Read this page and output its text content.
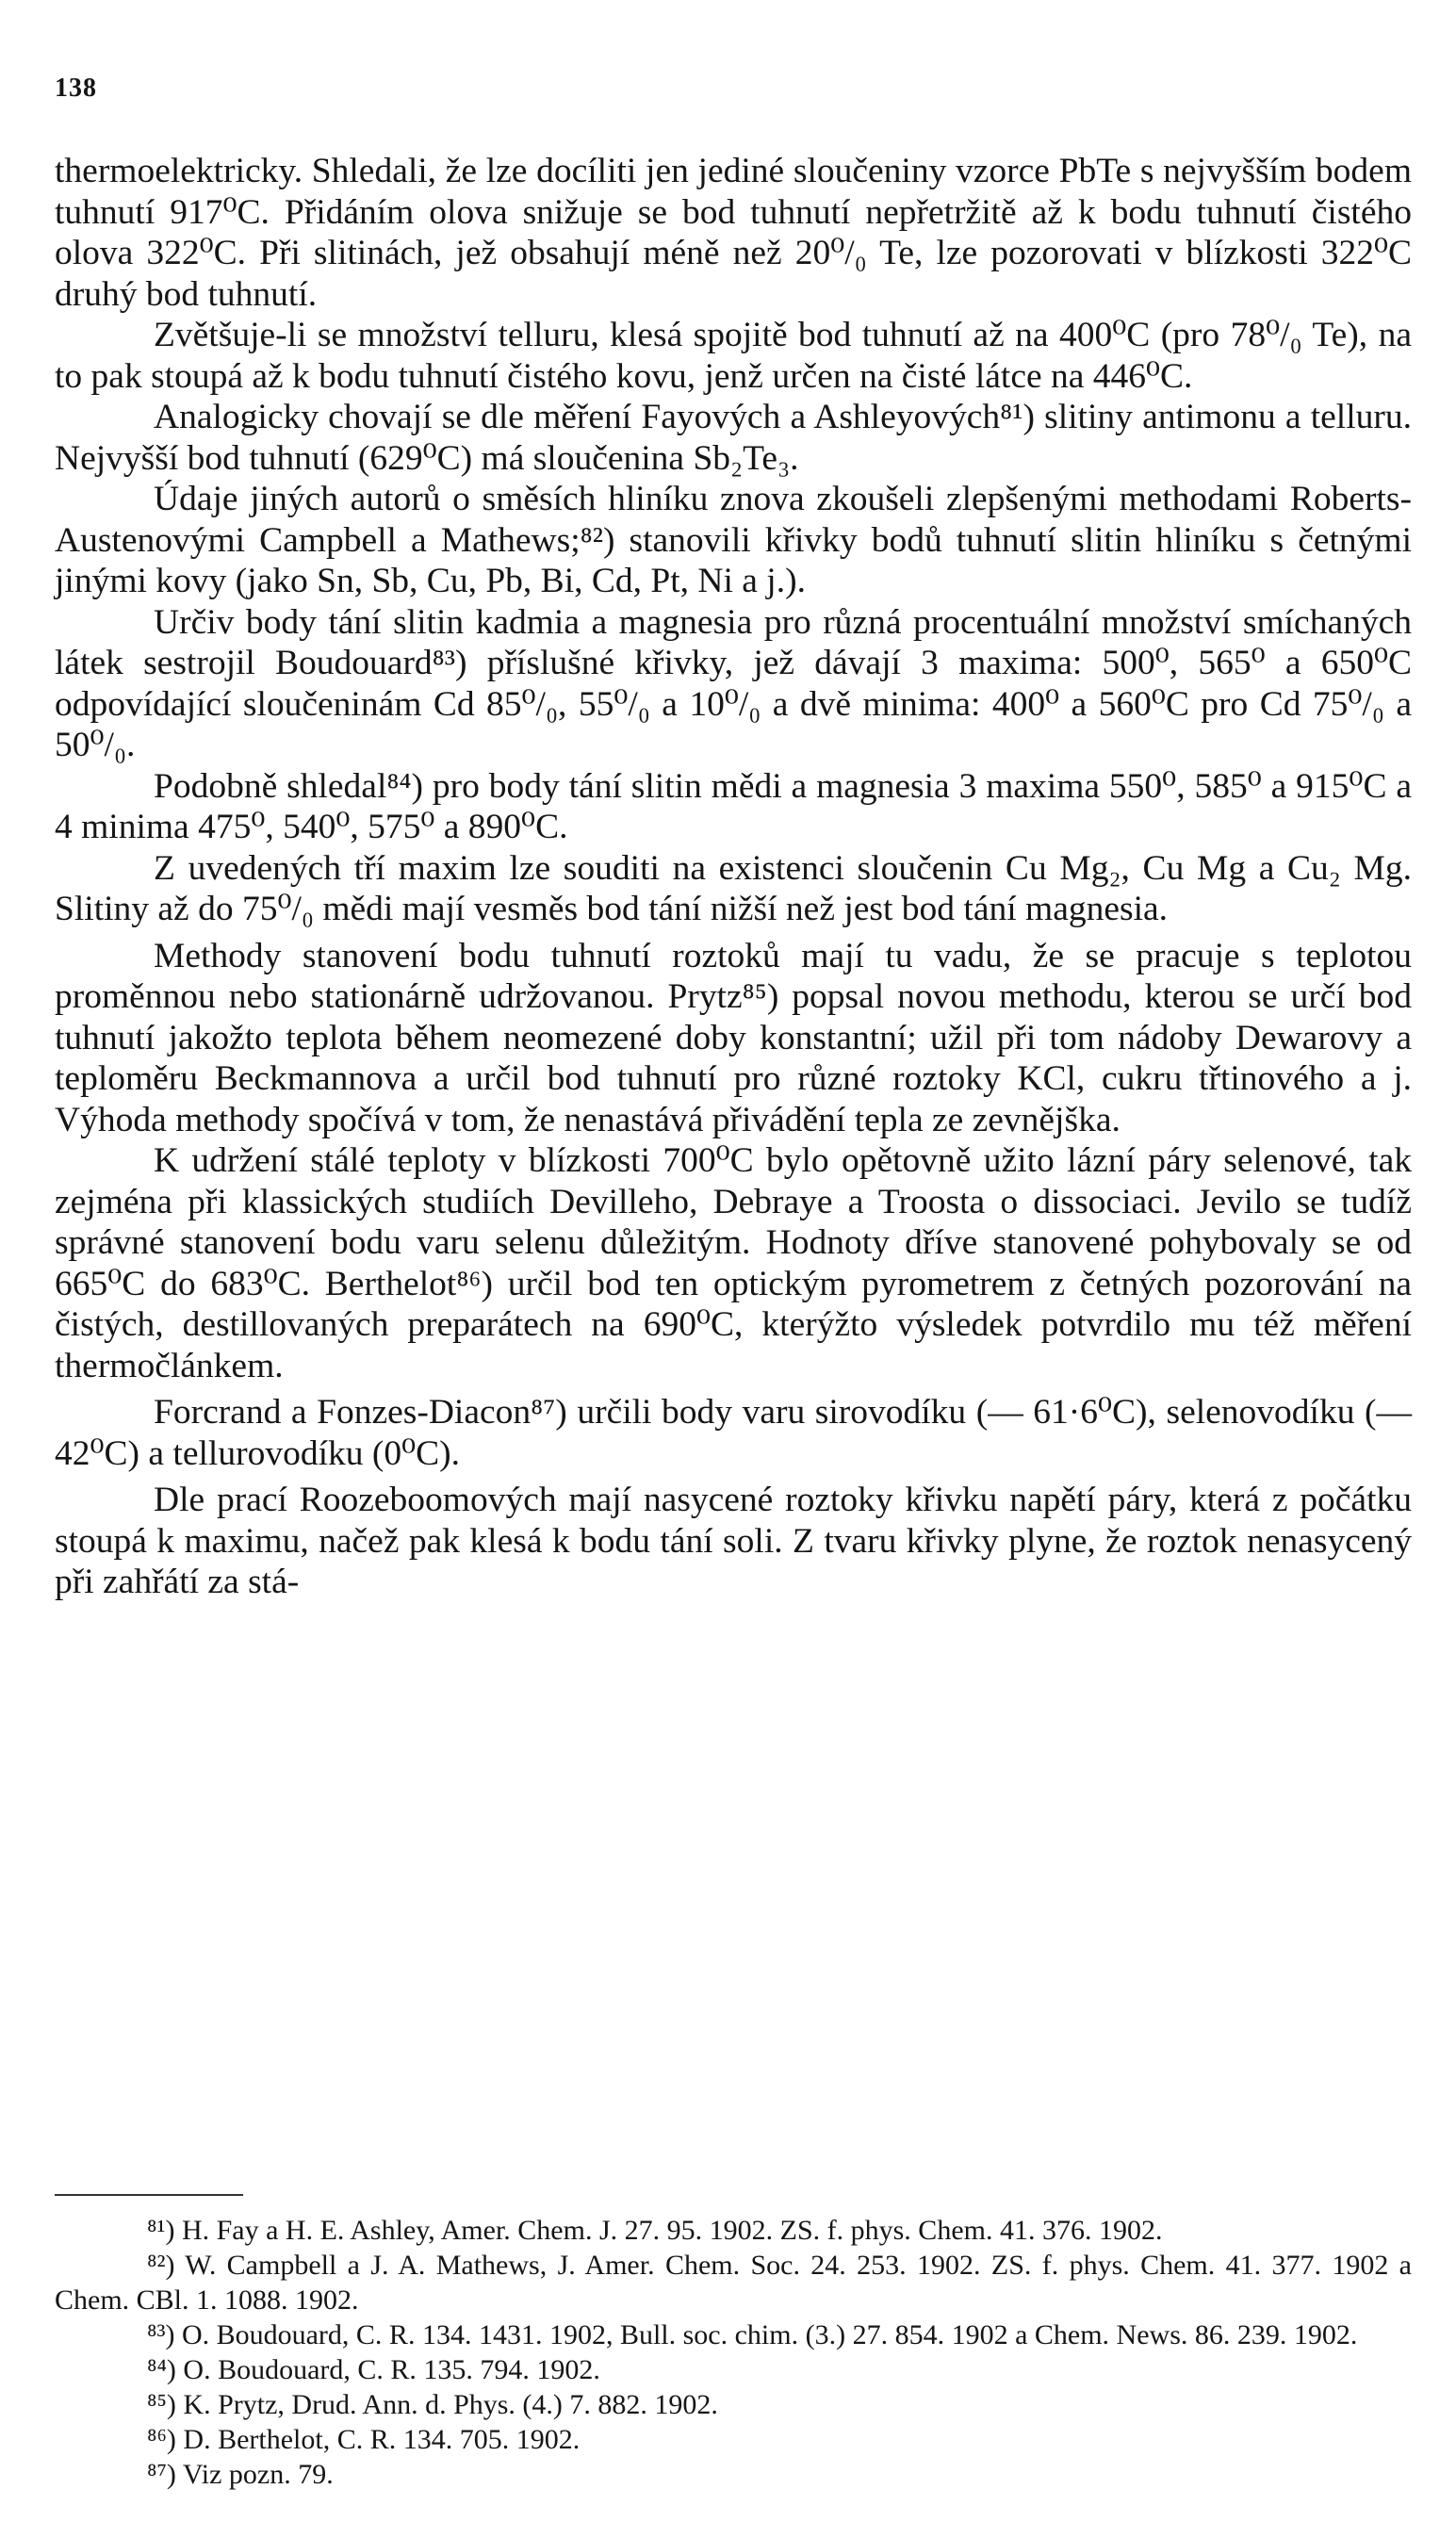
138

thermoelektricky. Shledali, že lze docíliti jen jediné sloučeniny vzorce PbTe s nejvyšším bodem tuhnutí 917⁰C. Přidáním olova snižuje se bod tuhnutí nepřetržitě až k bodu tuhnutí čistého olova 322⁰C. Při slitinách, jež obsahují méně než 20⁰/₀ Te, lze pozorovati v blízkosti 322⁰C druhý bod tuhnutí.

Zvětšuje-li se množství telluru, klesá spojitě bod tuhnutí až na 400⁰C (pro 78⁰/₀ Te), na to pak stoupá až k bodu tuhnutí čistého kovu, jenž určen na čisté látce na 446⁰C.

Analogicky chovají se dle měření Fayových a Ashleyových⁸¹) slitiny antimonu a telluru. Nejvyšší bod tuhnutí (629⁰C) má sloučenina Sb₂Te₃.

Údaje jiných autorů o směsích hliníku znova zkoušeli zlepšenými methodami Roberts-Austenovými Campbell a Mathews;⁸²) stanovili křivky bodů tuhnutí slitin hliníku s četnými jinými kovy (jako Sn, Sb, Cu, Pb, Bi, Cd, Pt, Ni a j.).

Určiv body tání slitin kadmia a magnesia pro různá procentuální množství smíchaných látek sestrojil Boudouard⁸³) příslušné křivky, jež dávají 3 maxima: 500⁰, 565⁰ a 650⁰C odpovídající sloučeninám Cd 85⁰/₀, 55⁰/₀ a 10⁰/₀ a dvě minima: 400⁰ a 560⁰C pro Cd 75⁰/₀ a 50⁰/₀.

Podobně shledal⁸⁴) pro body tání slitin mědi a magnesia 3 maxima 550⁰, 585⁰ a 915⁰C a 4 minima 475⁰, 540⁰, 575⁰ a 890⁰C.

Z uvedených tří maxim lze souditi na existenci sloučenin Cu Mg₂, Cu Mg a Cu₂ Mg. Slitiny až do 75⁰/₀ mědi mají vesměs bod tání nižší než jest bod tání magnesia.

Methody stanovení bodu tuhnutí roztoků mají tu vadu, že se pracuje s teplotou proměnnou nebo stationárně udržovanou. Prytz⁸⁵) popsal novou methodu, kterou se určí bod tuhnutí jakožto teplota během neomezené doby konstantní; užil při tom nádoby Dewarovy a teploměru Beckmannova a určil bod tuhnutí pro různé roztoky KCl, cukru třtinového a j. Výhoda methody spočívá v tom, že nenastává přivádění tepla ze zevnějška.

K udržení stálé teploty v blízkosti 700⁰C bylo opětovně užito lázní páry selenové, tak zejména při klassických studiích Devilleho, Debraye a Troosta o dissociaci. Jevilo se tudíž správné stanovení bodu varu selenu důležitým. Hodnoty dříve stanovené pohybovaly se od 665⁰C do 683⁰C. Berthelot⁸⁶) určil bod ten optickým pyrometrem z četných pozorování na čistých, destillovaných preparátech na 690⁰C, kterýžto výsledek potvrdilo mu též měření thermočlánkem.

Forcrand a Fonzes-Diacon⁸⁷) určili body varu sirovodíku (— 61·6⁰C), selenovodíku (— 42⁰C) a tellurovodíku (0⁰C).

Dle prací Roozeboomových mají nasycené roztoky křivku napětí páry, která z počátku stoupá k maximu, načež pak klesá k bodu tání soli. Z tvaru křivky plyne, že roztok nenasycený při zahřátí za stá-

⁸¹) H. Fay a H. E. Ashley, Amer. Chem. J. 27. 95. 1902. ZS. f. phys. Chem. 41. 376. 1902.

⁸²) W. Campbell a J. A. Mathews, J. Amer. Chem. Soc. 24. 253. 1902. ZS. f. phys. Chem. 41. 377. 1902 a Chem. CBl. 1. 1088. 1902.

⁸³) O. Boudouard, C. R. 134. 1431. 1902, Bull. soc. chim. (3.) 27. 854. 1902 a Chem. News. 86. 239. 1902.

⁸⁴) O. Boudouard, C. R. 135. 794. 1902.

⁸⁵) K. Prytz, Drud. Ann. d. Phys. (4.) 7. 882. 1902.

⁸⁶) D. Berthelot, C. R. 134. 705. 1902.

⁸⁷) Viz pozn. 79.
